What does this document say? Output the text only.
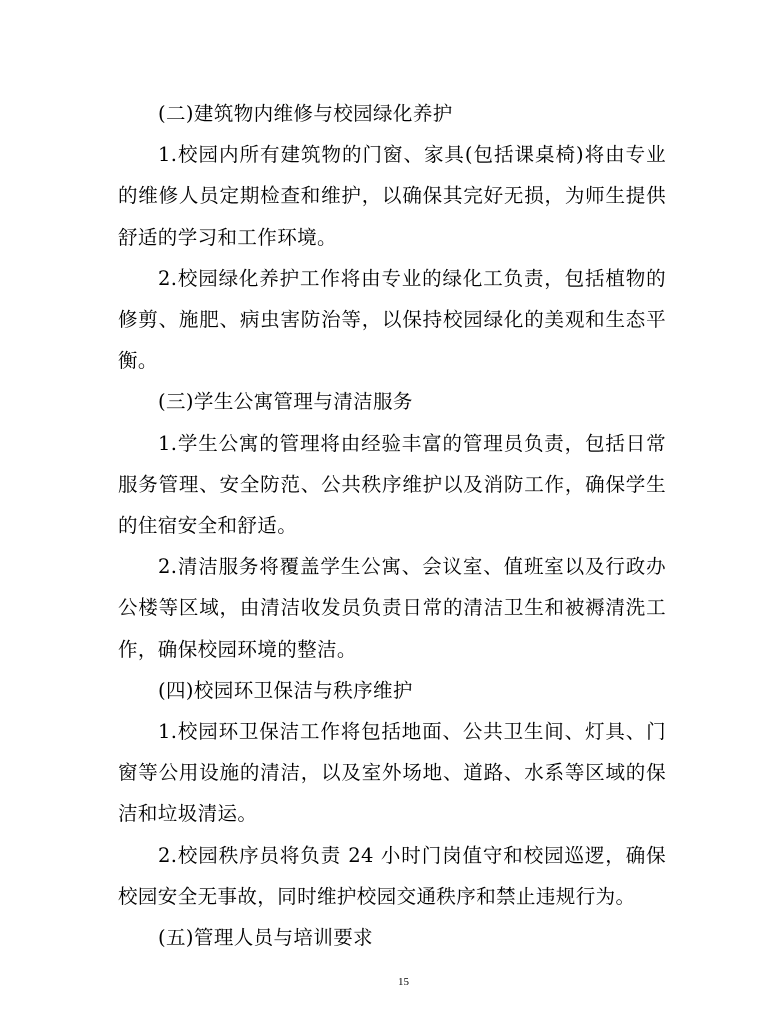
(二)建筑物内维修与校园绿化养护

1.校园内所有建筑物的门窗、家具(包括课桌椅)将由专业的维修人员定期检查和维护，以确保其完好无损，为师生提供舒适的学习和工作环境。

2.校园绿化养护工作将由专业的绿化工负责，包括植物的修剪、施肥、病虫害防治等，以保持校园绿化的美观和生态平衡。

(三)学生公寓管理与清洁服务

1.学生公寓的管理将由经验丰富的管理员负责，包括日常服务管理、安全防范、公共秩序维护以及消防工作，确保学生的住宿安全和舒适。

2.清洁服务将覆盖学生公寓、会议室、值班室以及行政办公楼等区域，由清洁收发员负责日常的清洁卫生和被褥清洗工作，确保校园环境的整洁。

(四)校园环卫保洁与秩序维护

1.校园环卫保洁工作将包括地面、公共卫生间、灯具、门窗等公用设施的清洁，以及室外场地、道路、水系等区域的保洁和垃圾清运。

2.校园秩序员将负责 24 小时门岗值守和校园巡逻，确保校园安全无事故，同时维护校园交通秩序和禁止违规行为。

(五)管理人员与培训要求

15
